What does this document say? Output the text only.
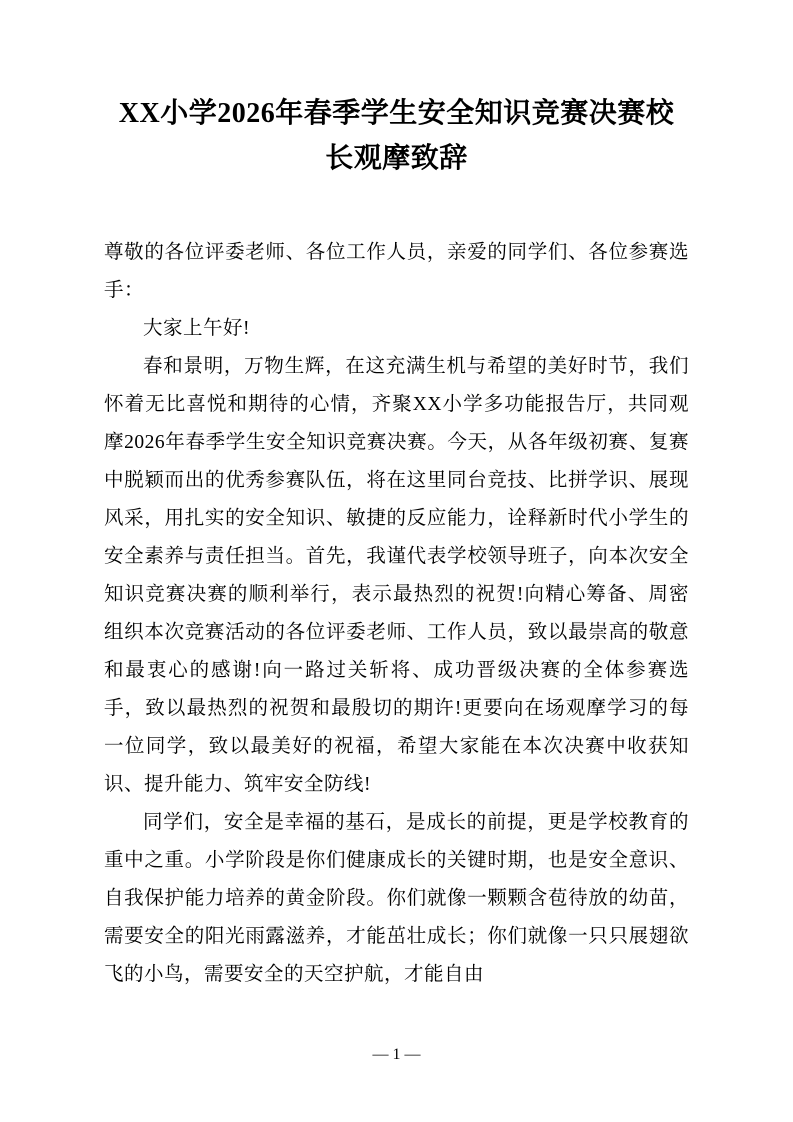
XX小学2026年春季学生安全知识竞赛决赛校长观摩致辞

尊敬的各位评委老师、各位工作人员，亲爱的同学们、各位参赛选手：

大家上午好!

春和景明，万物生辉，在这充满生机与希望的美好时节，我们怀着无比喜悦和期待的心情，齐聚XX小学多功能报告厅，共同观摩2026年春季学生安全知识竞赛决赛。今天，从各年级初赛、复赛中脱颖而出的优秀参赛队伍，将在这里同台竞技、比拼学识、展现风采，用扎实的安全知识、敏捷的反应能力，诠释新时代小学生的安全素养与责任担当。首先，我谨代表学校领导班子，向本次安全知识竞赛决赛的顺利举行，表示最热烈的祝贺!向精心筹备、周密组织本次竞赛活动的各位评委老师、工作人员，致以最崇高的敬意和最衷心的感谢!向一路过关斩将、成功晋级决赛的全体参赛选手，致以最热烈的祝贺和最殷切的期许!更要向在场观摩学习的每一位同学，致以最美好的祝福，希望大家能在本次决赛中收获知识、提升能力、筑牢安全防线!

同学们，安全是幸福的基石，是成长的前提，更是学校教育的重中之重。小学阶段是你们健康成长的关键时期，也是安全意识、自我保护能力培养的黄金阶段。你们就像一颗颗含苞待放的幼苗，需要安全的阳光雨露滋养，才能茁壮成长；你们就像一只只展翅欲飞的小鸟，需要安全的天空护航，才能自由

— 1 —
